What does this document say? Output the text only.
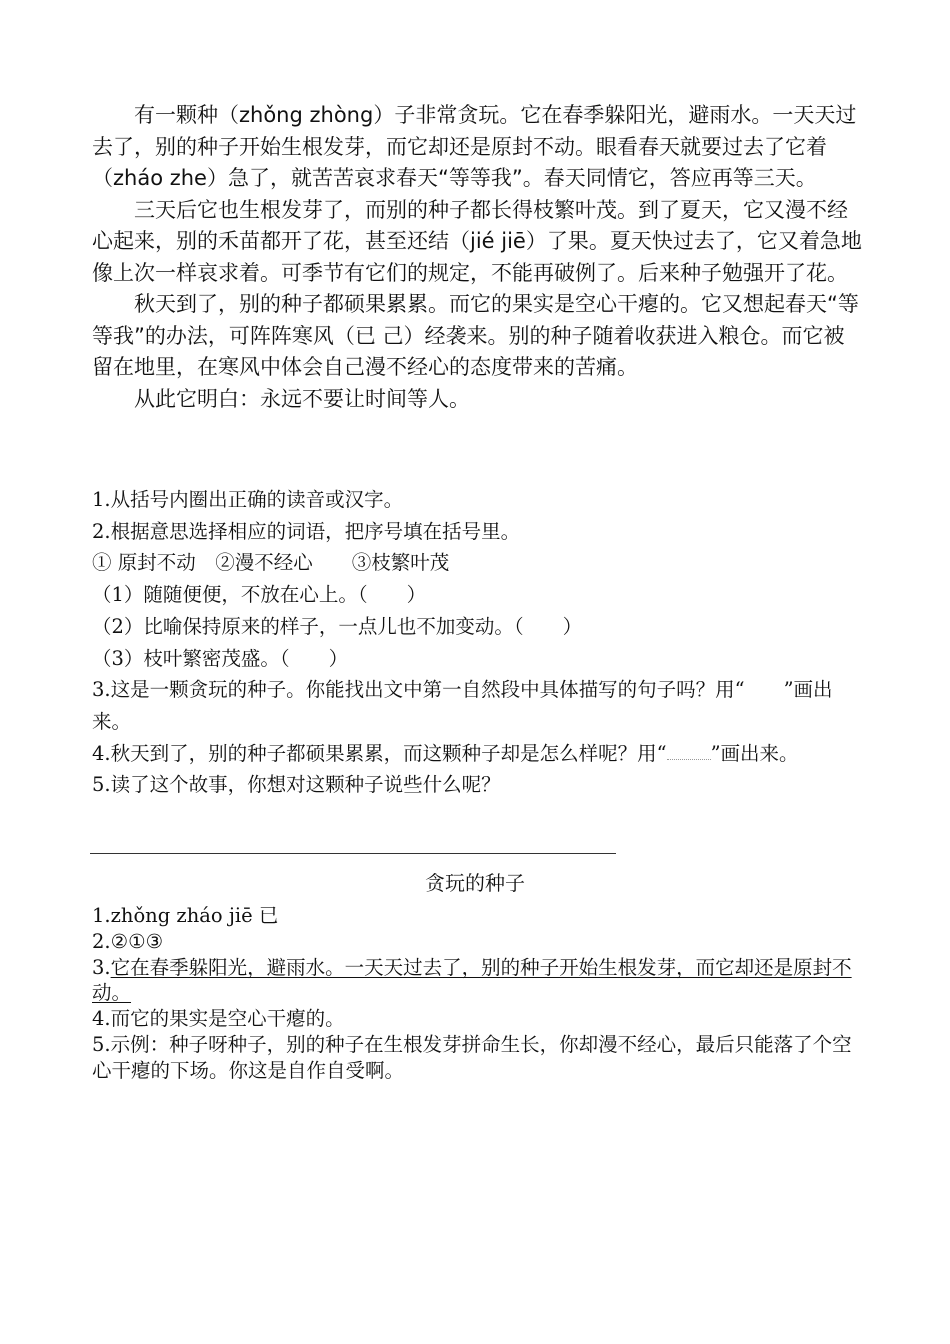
有一颗种（zhǒng zhòng）子非常贪玩。它在春季躲阳光，避雨水。一天天过去了，别的种子开始生根发芽，而它却还是原封不动。眼看春天就要过去了它着（zháo zhe）急了，就苦苦哀求春天“等等我”。春天同情它，答应再等三天。

三天后它也生根发芽了，而别的种子都长得枝繁叶茂。到了夏天，它又漫不经心起来，别的禾苗都开了花，甚至还结（jié jiē）了果。夏天快过去了，它又着急地像上次一样哀求着。可季节有它们的规定，不能再破例了。后来种子勉强开了花。

秋天到了，别的种子都硕果累累。而它的果实是空心干瘪的。它又想起春天“等等我”的办法，可阵阵寒风（已 己）经袭来。别的种子随着收获进入粮仓。而它被留在地里，在寒风中体会自己漫不经心的态度带来的苦痛。

从此它明白：永远不要让时间等人。

1.从括号内圈出正确的读音或汉字。
2.根据意思选择相应的词语，把序号填在括号里。
① 原封不动　②漫不经心　　③枝繁叶茂
（1）随随便便，不放在心上。（　　）
（2）比喻保持原来的样子，一点儿也不加变动。（　　）
（3）枝叶繁密茂盛。（　　）
3.这是一颗贪玩的种子。你能找出文中第一自然段中具体描写的句子吗？用“　　”画出来。
4.秋天到了，别的种子都硕果累累，而这颗种子却是怎么样呢？用“ ”画出来。
5.读了这个故事，你想对这颗种子说些什么呢？
贪玩的种子
1.zhǒng zháo jiē 已
2.②①③
3.它在春季躲阳光，避雨水。一天天过去了，别的种子开始生根发芽，而它却还是原封不动。
4.而它的果实是空心干瘪的。
5.示例：种子呀种子，别的种子在生根发芽拼命生长，你却漫不经心，最后只能落了个空心干瘪的下场。你这是自作自受啊。
